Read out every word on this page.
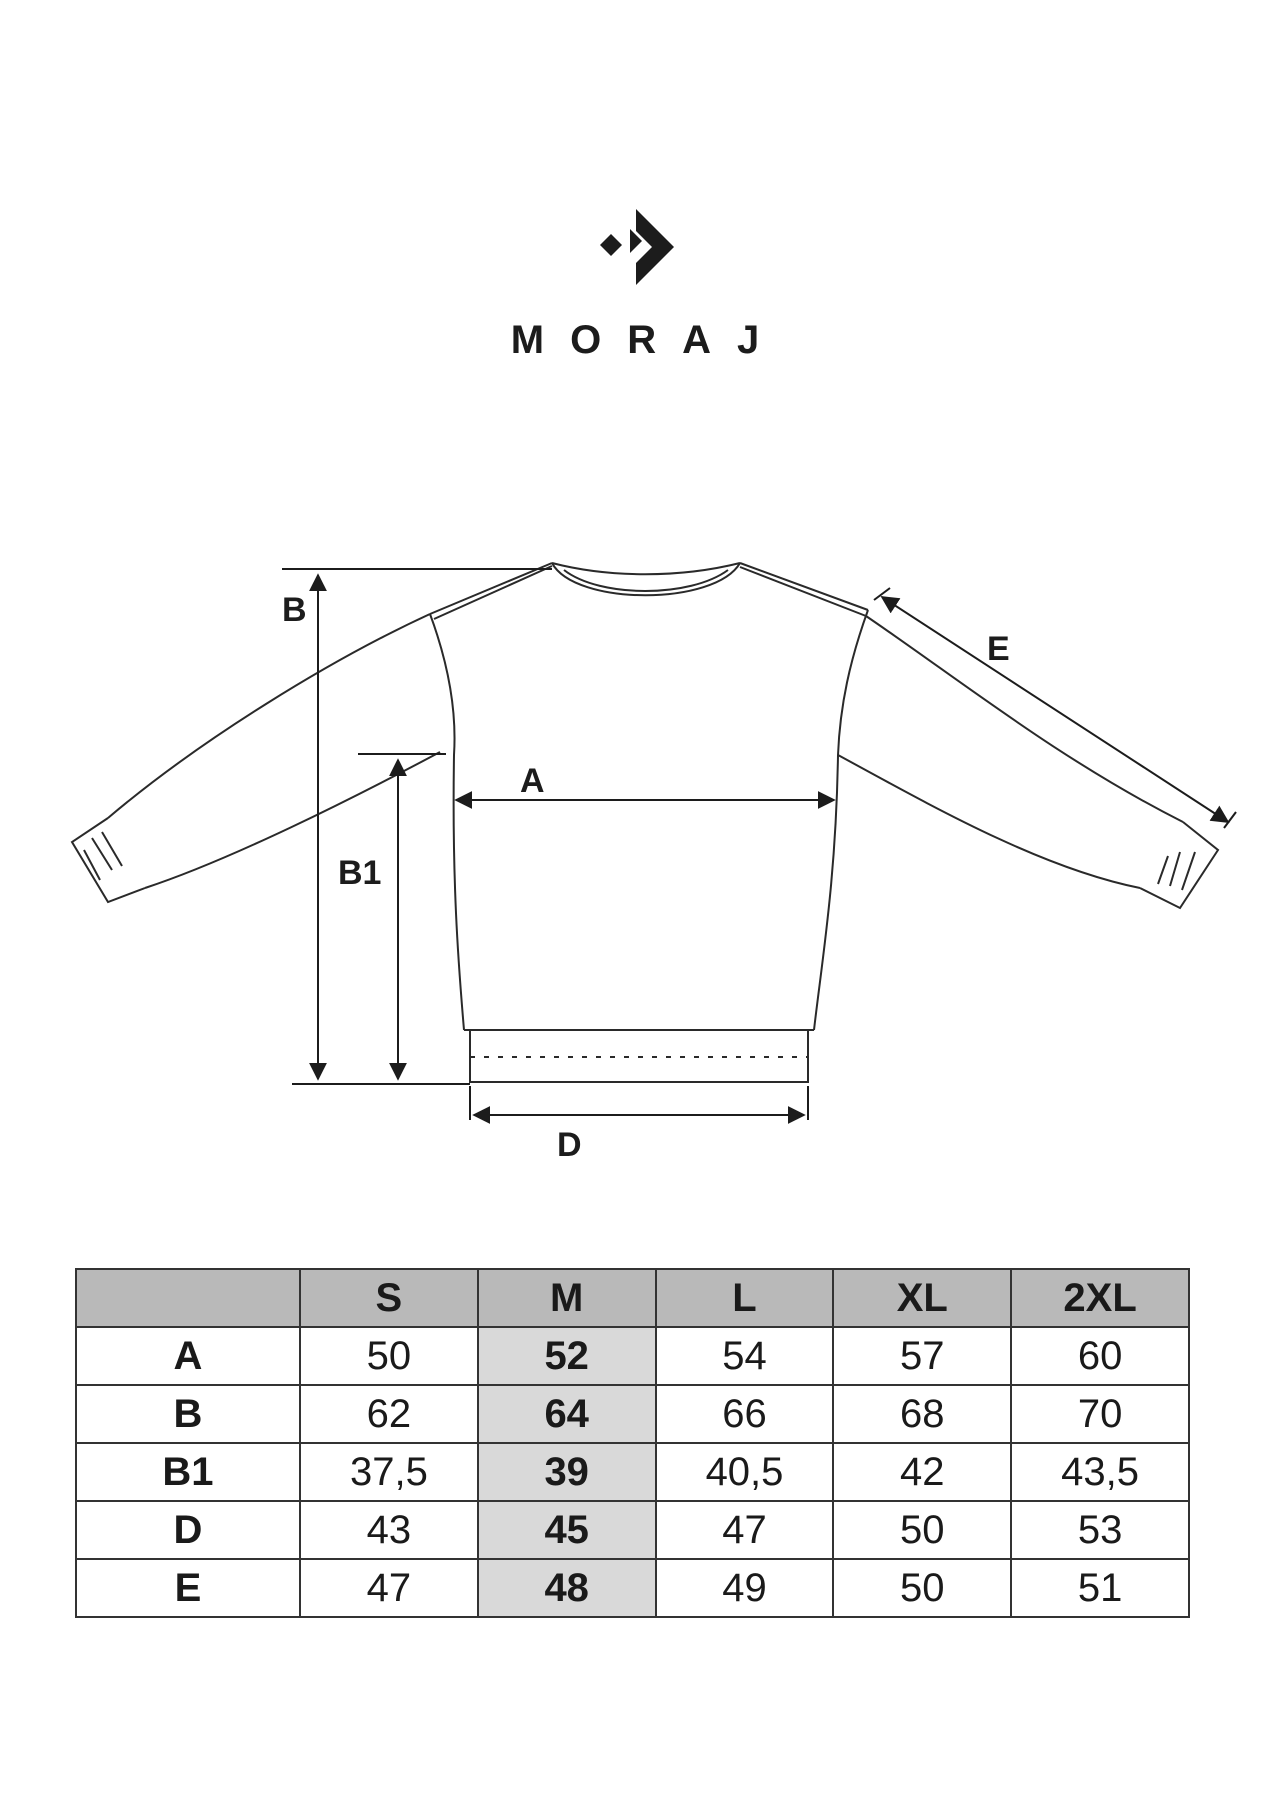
MORAJ
B
B1
A
D
E
	S	M	L	XL	2XL
A	50	52	54	57	60
B	62	64	66	68	70
B1	37,5	39	40,5	42	43,5
D	43	45	47	50	53
E	47	48	49	50	51
